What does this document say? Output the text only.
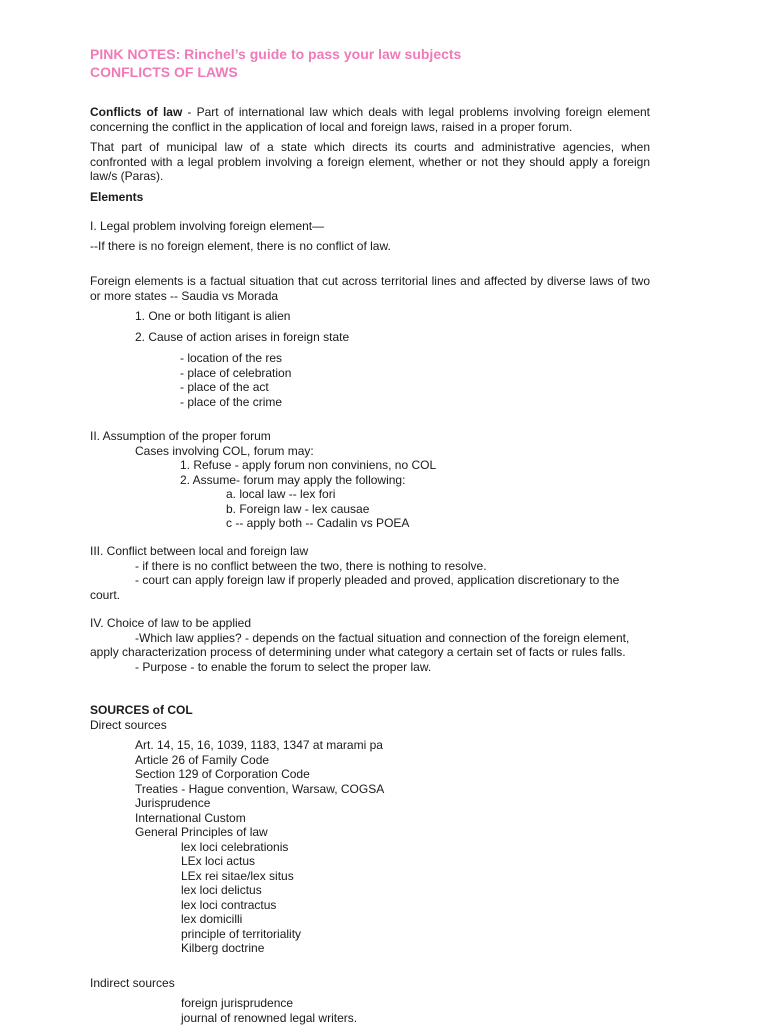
PINK NOTES: Rinchel’s guide to pass your law subjects
CONFLICTS OF LAWS
Conflicts of law - Part of international law which deals with legal problems involving foreign element concerning the conflict in the application of local and foreign laws, raised in a proper forum.
That part of municipal law of a state which directs its courts and administrative agencies, when confronted with a legal problem involving a foreign element, whether or not they should apply a foreign law/s (Paras).
Elements
I. Legal problem involving foreign element—
--If there is no foreign element, there is no conflict of law.
Foreign elements is a factual situation that cut across territorial lines and affected by diverse laws of two or more states -- Saudia vs Morada
1. One or both litigant is alien
2. Cause of action arises in foreign state
- location of the res
- place of celebration
- place of the act
- place of the crime
II. Assumption of the proper forum
Cases involving COL, forum may:
1. Refuse - apply forum non conviniens, no COL
2. Assume- forum may apply the following:
a. local law -- lex fori
b. Foreign law - lex causae
c -- apply both -- Cadalin vs POEA
III. Conflict between local and foreign law
- if there is no conflict between the two, there is nothing to resolve.
- court can apply foreign law if properly pleaded and proved, application discretionary to the
court.
IV. Choice of law to be applied
-Which law applies? - depends on the factual situation and connection of the foreign element,
apply characterization process of determining under what category a certain set of facts or rules falls.
- Purpose - to enable the forum to select the proper law.
SOURCES of COL
Direct sources
Art. 14, 15, 16, 1039, 1183, 1347 at marami pa
Article 26 of Family Code
Section 129 of Corporation Code
Treaties - Hague convention, Warsaw, COGSA
Jurisprudence
International Custom
General Principles of law
lex loci celebrationis
LEx loci actus
LEx rei sitae/lex situs
lex loci delictus
lex loci contractus
lex domicilli
principle of territoriality
Kilberg doctrine
Indirect sources
foreign jurisprudence
journal of renowned legal writers.
